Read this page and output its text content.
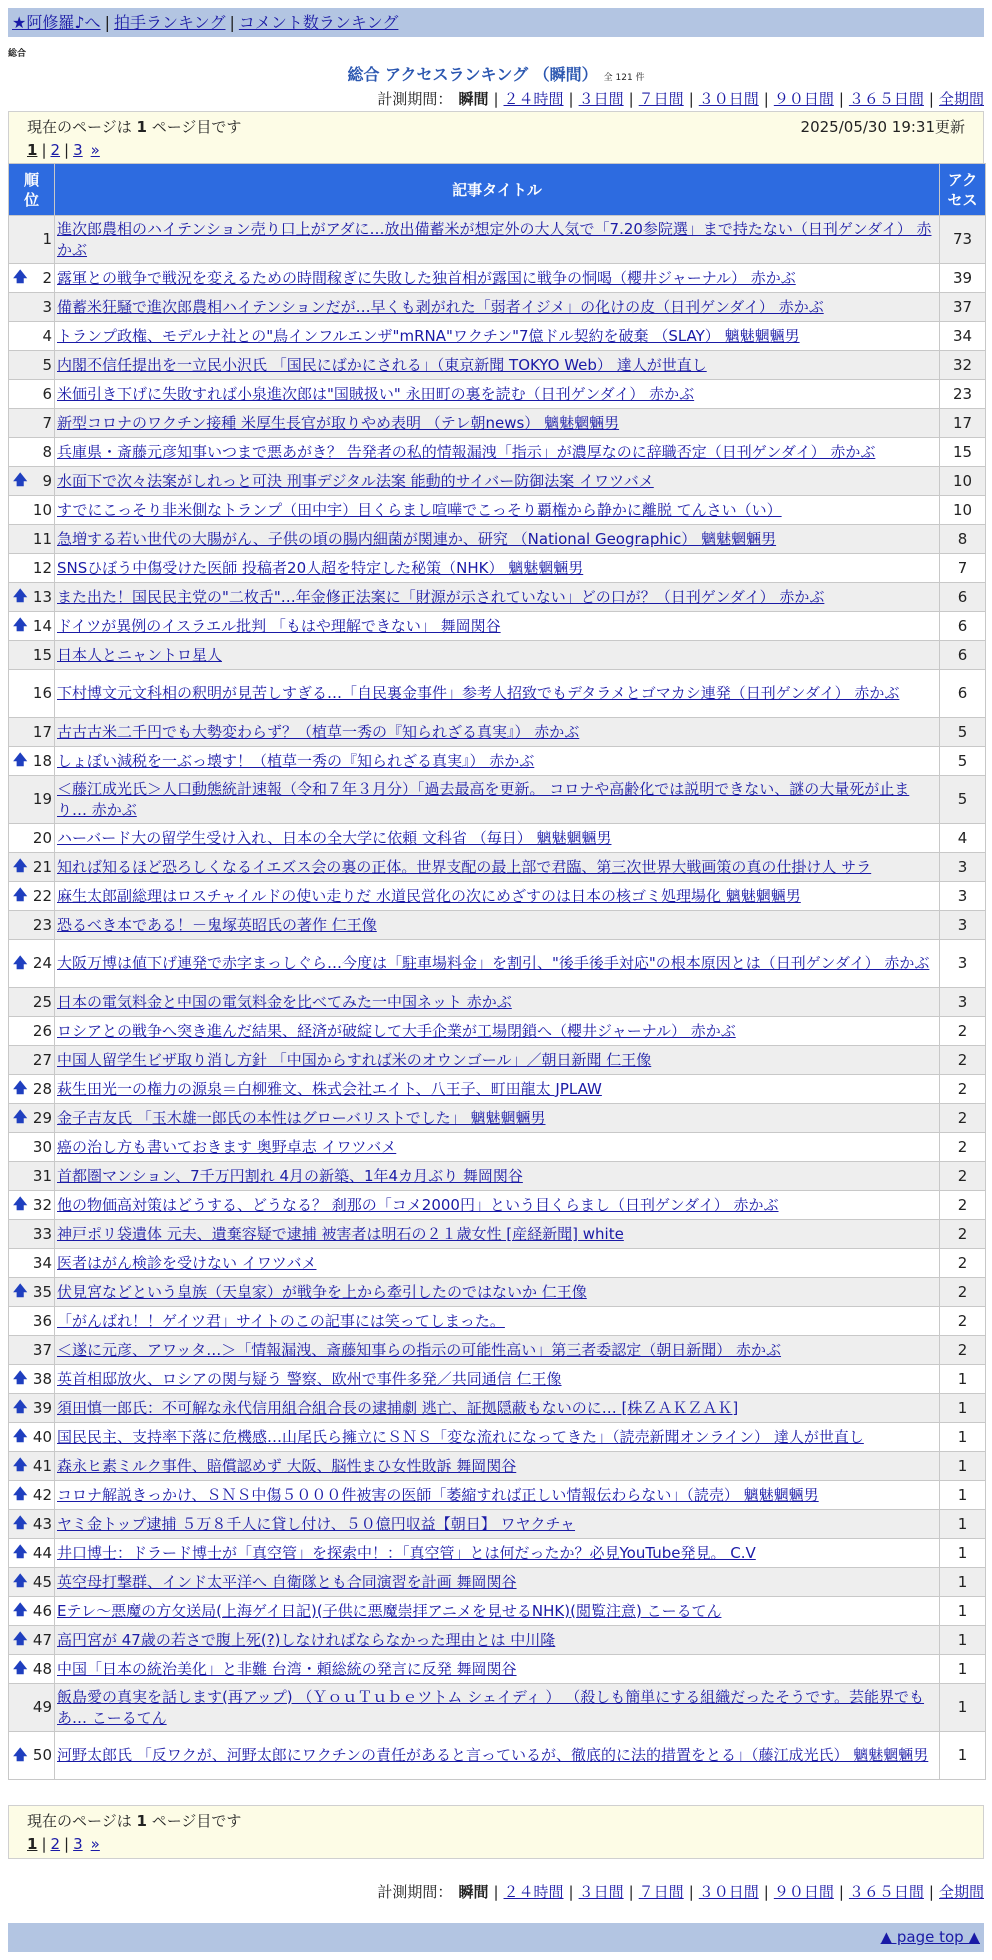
★阿修羅♪へ | 拍手ランキング | コメント数ランキング
総合
総合 アクセスランキング （瞬間） 全 121 件
計測期間： 瞬間 | ２４時間 | ３日間 | ７日間 | ３０日間 | ９０日間 | ３６５日間 | 全期間
現在のページは 1 ページ目です	2025/05/30 19:31更新
1 | 2 | 3 »
順位	記事タイトル	アクセス
1	進次郎農相のハイテンション売り口上がアダに…放出備蓄米が想定外の大人気で「7.20参院選」まで持たない（日刊ゲンダイ） 赤かぶ	73

🡅 2	露軍との戦争で戦況を変えるための時間稼ぎに失敗した独首相が露国に戦争の恫喝（櫻井ジャーナル） 赤かぶ	39
3	備蓄米狂騒で進次郎農相ハイテンションだが…早くも剥がれた「弱者イジメ」の化けの皮（日刊ゲンダイ） 赤かぶ	37
4	トランプ政権、モデルナ社との"鳥インフルエンザ"mRNA"ワクチン"7億ドル契約を破棄 （SLAY） 魑魅魍魎男	34
5	内閣不信任提出を一立民小沢氏 「国民にばかにされる」（東京新聞 TOKYO Web） 達人が世直し	32
6	米価引き下げに失敗すれば小泉進次郎は"国賊扱い" 永田町の裏を読む（日刊ゲンダイ） 赤かぶ	23
7	新型コロナのワクチン接種 米厚生長官が取りやめ表明 （テレ朝news） 魑魅魍魎男	17
8	兵庫県・斎藤元彦知事いつまで悪あがき？ 告発者の私的情報漏洩「指示」が濃厚なのに辞職否定（日刊ゲンダイ） 赤かぶ	15

🡅 9	水面下で次々法案がしれっと可決 刑事デジタル法案 能動的サイバー防御法案 イワツバメ	10
10	すでにこっそり非米側なトランプ（田中宇）目くらまし喧嘩でこっそり覇権から静かに離脱 てんさい（い）	10
11	急増する若い世代の大腸がん、子供の頃の腸内細菌が関連か、研究 （National Geographic） 魑魅魍魎男	8
12	SNSひぼう中傷受けた医師 投稿者20人超を特定した秘策（NHK） 魑魅魍魎男	7

🡅 13	また出た！国民民主党の"二枚舌"…年金修正法案に「財源が示されていない」どの口が？（日刊ゲンダイ） 赤かぶ	6

🡅 14	ドイツが異例のイスラエル批判 「もはや理解できない」 舞岡関谷	6
15	日本人とニャントロ星人	6
16	下村博文元文科相の釈明が見苦しすぎる…「自民裏金事件」参考人招致でもデタラメとゴマカシ連発（日刊ゲンダイ） 赤かぶ	6
17	古古古米二千円でも大勢変わらず？（植草一秀の『知られざる真実』） 赤かぶ	5

🡅 18	しょぼい減税を一ぶっ壊す！（植草一秀の『知られざる真実』） 赤かぶ	5
19	＜藤江成光氏＞人口動態統計速報（令和７年３月分）「過去最高を更新。 コロナや高齢化では説明できない、謎の大量死が止まり… 赤かぶ	5
20	ハーバード大の留学生受け入れ、日本の全大学に依頼 文科省 （毎日） 魑魅魍魎男	4

🡅 21	知れば知るほど恐ろしくなるイエズス会の裏の正体。世界支配の最上部で君臨、第三次世界大戦画策の真の仕掛け人 サラ	3

🡅 22	麻生太郎副総理はロスチャイルドの使い走りだ 水道民営化の次にめざすのは日本の核ゴミ処理場化 魑魅魍魎男	3
23	恐るべき本である！－鬼塚英昭氏の著作 仁王像	3

🡅 24	大阪万博は値下げ連発で赤字まっしぐら…今度は「駐車場料金」を割引、"後手後手対応"の根本原因とは（日刊ゲンダイ） 赤かぶ	3
25	日本の電気料金と中国の電気料金を比べてみた一中国ネット 赤かぶ	3
26	ロシアとの戦争へ突き進んだ結果、経済が破綻して大手企業が工場閉鎖へ（櫻井ジャーナル） 赤かぶ	2
27	中国人留学生ビザ取り消し方針 「中国からすれば米のオウンゴール」／朝日新聞 仁王像	2

🡅 28	萩生田光一の権力の源泉＝白柳雅文、株式会社エイト、八王子、町田龍太 JPLAW	2

🡅 29	金子吉友氏 「玉木雄一郎氏の本性はグローバリストでした」 魑魅魍魎男	2
30	癌の治し方も書いておきます 奥野卓志 イワツバメ	2
31	首都圏マンション、7千万円割れ 4月の新築、1年4カ月ぶり 舞岡関谷	2

🡅 32	他の物価高対策はどうする、どうなる？ 刹那の「コメ2000円」という目くらまし（日刊ゲンダイ） 赤かぶ	2
33	神戸ポリ袋遺体 元夫、遺棄容疑で逮捕 被害者は明石の２１歳女性 [産経新聞] white	2
34	医者はがん検診を受けない イワツバメ	2

🡅 35	伏見宮などという皇族（天皇家）が戦争を上から牽引したのではないか 仁王像	2
36	「がんばれ！！ゲイツ君」サイトのこの記事には笑ってしまった。	2
37	＜遂に元彦、アワッタ…＞「情報漏洩、斎藤知事らの指示の可能性高い」第三者委認定（朝日新聞） 赤かぶ	2

🡅 38	英首相邸放火、ロシアの関与疑う 警察、欧州で事件多発／共同通信 仁王像	1

🡅 39	須田慎一郎氏：不可解な永代信用組合組合長の逮捕劇 逃亡、証拠隠蔽もないのに… [株ＺＡＫＺＡＫ]	1

🡅 40	国民民主、支持率下落に危機感…山尾氏ら擁立にＳＮＳ「変な流れになってきた」（読売新聞オンライン） 達人が世直し	1

🡅 41	森永ヒ素ミルク事件、賠償認めず 大阪、脳性まひ女性敗訴 舞岡関谷	1

🡅 42	コロナ解説きっかけ、ＳＮＳ中傷５０００件被害の医師「萎縮すれば正しい情報伝わらない」（読売） 魑魅魍魎男	1

🡅 43	ヤミ金トップ逮捕 ５万８千人に貸し付け、５０億円収益【朝日】 ワヤクチャ	1

🡅 44	井口博士：ドラード博士が「真空管」を探索中！：「真空管」とは何だったか？必見YouTube発見。 C.V	1

🡅 45	英空母打撃群、インド太平洋へ 自衛隊とも合同演習を計画 舞岡関谷	1

🡅 46	Eテレ～悪魔の方攵送局(上海ゲイ日記)(子供に悪魔崇拝アニメを見せるNHK)(閲覧注意) こーるてん	1

🡅 47	高円宮が 47歳の若さで腹上死(?)しなければならなかった理由とは 中川隆	1

🡅 48	中国「日本の統治美化」と非難 台湾・頼総統の発言に反発 舞岡関谷	1
49	飯島愛の真実を話します(再アップ) （ＹｏｕＴｕｂｅツトム シェイディ ） （殺しも簡単にする組織だったそうです。芸能界でもあ… こーるてん	1

🡅 50	河野太郎氏 「反ワクが、河野太郎にワクチンの責任があると言っているが、徹底的に法的措置をとる」（藤江成光氏） 魑魅魍魎男	1
現在のページは 1 ページ目です
1 | 2 | 3 »
計測期間： 瞬間 | ２４時間 | ３日間 | ７日間 | ３０日間 | ９０日間 | ３６５日間 | 全期間
▲ page top ▲
